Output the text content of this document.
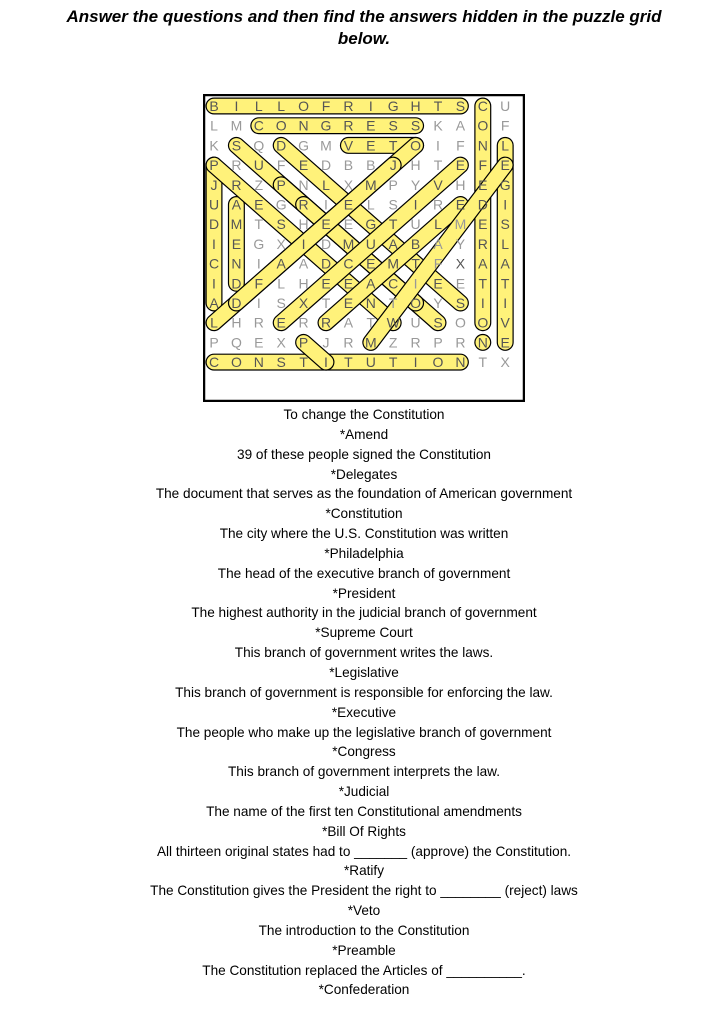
Answer the questions and then find the answers hidden in the puzzle grid
below.
B I L L O F R I G H T S C U
L M C O N G R E S S K A O F
K S Q D G M V E T O I F N L
P R U F E D B B J H T E F E
J R Z P N L X M P Y V H E G
U A E G R I E L S I R E D I
D M T S H E E G T U L M E S
I E G X I D M U A B A Y R L
C N I A A D C E M T F X A A
I D F L H E E A C I E E T T
A D I S X T E N T O Y S I I
L H R E R R A T W U S O O V
P Q E X P J R M Z R P R N E
C O N S T I T U T I O N T X
To change the Constitution
*Amend
39 of these people signed the Constitution
*Delegates
The document that serves as the foundation of American government
*Constitution
The city where the U.S. Constitution was written
*Philadelphia
The head of the executive branch of government
*President
The highest authority in the judicial branch of government
*Supreme Court
This branch of government writes the laws.
*Legislative
This branch of government is responsible for enforcing the law.
*Executive
The people who make up the legislative branch of government
*Congress
This branch of government interprets the law.
*Judicial
The name of the first ten Constitutional amendments
*Bill Of Rights
All thirteen original states had to _______ (approve) the Constitution.
*Ratify
The Constitution gives the President the right to ________ (reject) laws
*Veto
The introduction to the Constitution
*Preamble
The Constitution replaced the Articles of __________.
*Confederation
